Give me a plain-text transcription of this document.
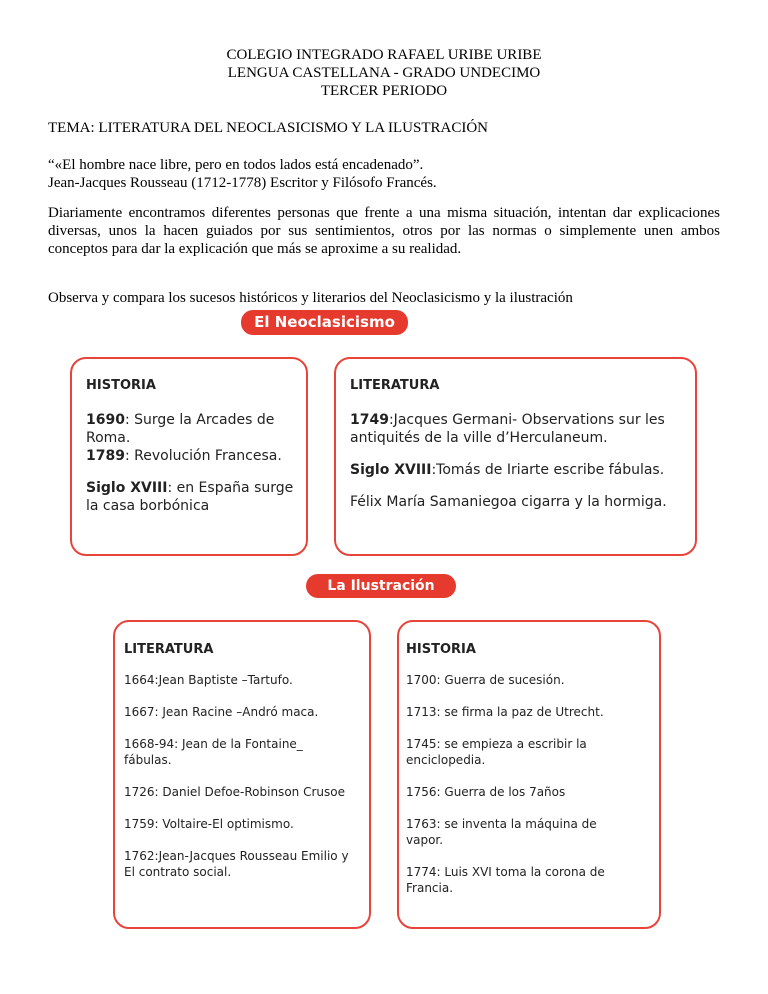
COLEGIO INTEGRADO RAFAEL URIBE URIBE
LENGUA CASTELLANA - GRADO UNDECIMO
TERCER PERIODO
TEMA: LITERATURA DEL NEOCLASICISMO Y LA ILUSTRACIÓN
“«El hombre nace libre, pero en todos lados está encadenado”.
Jean-Jacques Rousseau (1712-1778) Escritor y Filósofo Francés.
Diariamente encontramos diferentes personas que frente a una misma situación, intentan dar explicaciones diversas, unos la hacen guiados por sus sentimientos, otros por las normas o simplemente unen ambos conceptos para dar la explicación que más se aproxime a su realidad.
Observa y compara los sucesos históricos y literarios del Neoclasicismo y la ilustración
El Neoclasicismo
HISTORIA
1690: Surge la Arcades de Roma.
1789: Revolución Francesa.
Siglo XVIII: en España surge la casa borbónica
LITERATURA
1749:Jacques Germani- Observations sur les antiquités de la ville d’Herculaneum.
Siglo XVIII:Tomás de Iriarte escribe fábulas.
Félix María Samaniegoa cigarra y la hormiga.
La Ilustración
LITERATURA
1664:Jean Baptiste –Tartufo.
1667: Jean Racine –Andró maca.
1668-94: Jean de la Fontaine_ fábulas.
1726: Daniel Defoe-Robinson Crusoe
1759: Voltaire-El optimismo.
1762:Jean-Jacques Rousseau Emilio y El contrato social.
HISTORIA
1700: Guerra de sucesión.
1713: se firma la paz de Utrecht.
1745: se empieza a escribir la enciclopedia.
1756: Guerra de los 7años
1763: se inventa la máquina de vapor.
1774: Luis XVI toma la corona de Francia.
